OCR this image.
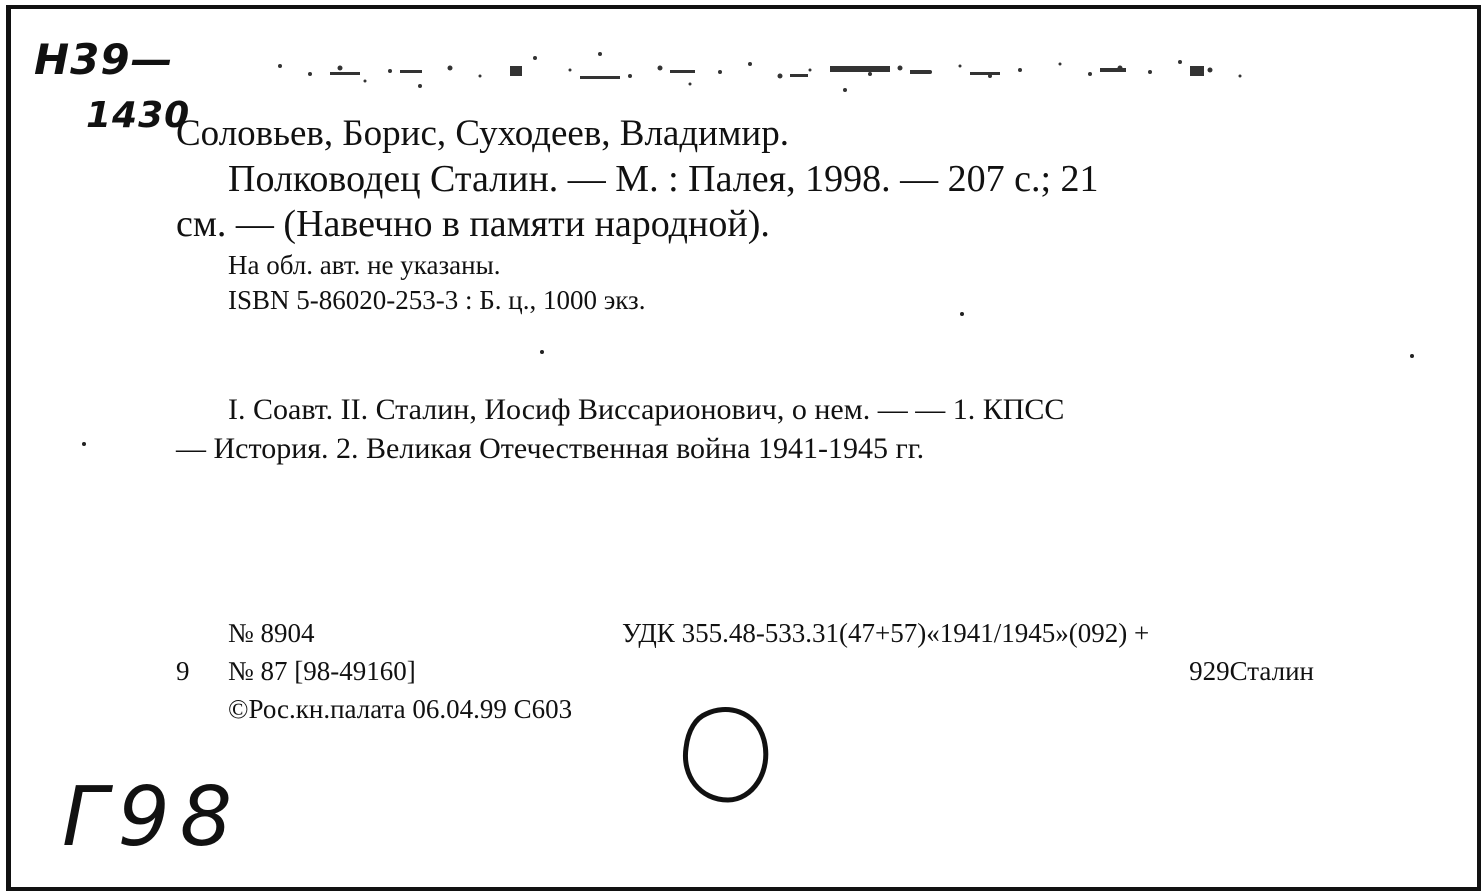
Н39—
1430
Соловьев, Борис, Суходеев, Владимир.
Полководец Сталин. — М. : Палея, 1998. — 207 с.; 21
см. — (Навечно в памяти народной).
На обл. авт. не указаны.
ISBN 5-86020-253-3 : Б. ц., 1000 экз.
I. Соавт. II. Сталин, Иосиф Виссарионович, о нем. — — 1. КПСС
— История. 2. Великая Отечественная война 1941-1945 гг.
№ 8904	УДК 355.48-533.31(47+57)«1941/1945»(092) +
9 № 87 [98-49160]	929Сталин
©Рос.кн.палата 06.04.99 С603
Г98
